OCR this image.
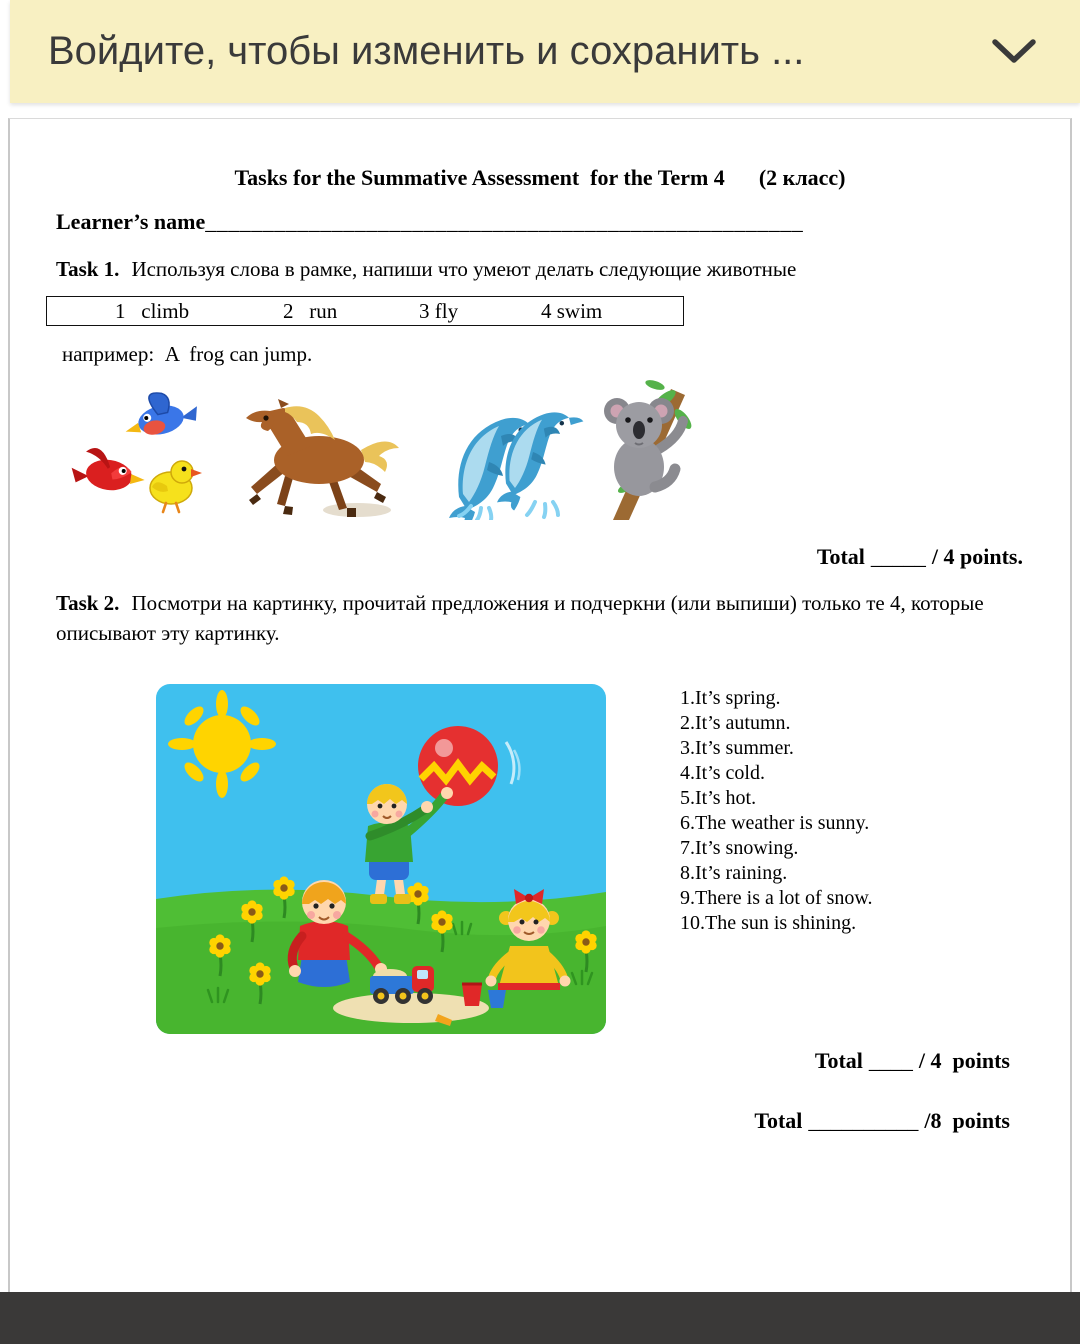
Войдите, чтобы изменить и сохранить ...
Tasks for the Summative Assessment  for the Term 4 (2 класс)
Learner’s name____________________________________________________
Task 1. Используя слова в рамке, напиши что умеют делать следующие животные
1   climb	2   run	3 fly	4 swim
например:  A  frog can jump.
Total _____ / 4 points.
Task 2. Посмотри на картинку, прочитай предложения и подчеркни (или выпиши) только те 4, которые описывают эту картинку.
1.It’s spring.
2.It’s autumn.
3.It’s summer.
4.It’s cold.
5.It’s hot.
6.The weather is sunny.
7.It’s snowing.
8.It’s raining.
9.There is a lot of snow.
10.The sun is shining.
Total ____ / 4  points
Total __________ /8  points
